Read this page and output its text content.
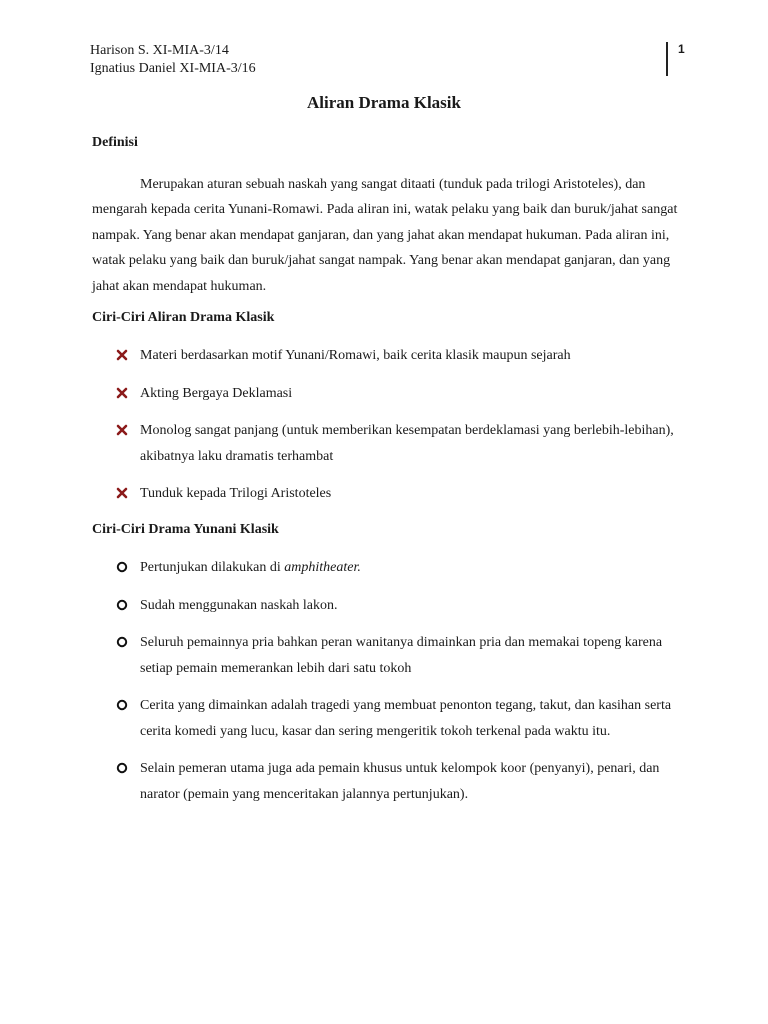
Harison S. XI-MIA-3/14
Ignatius Daniel XI-MIA-3/16
1
Aliran Drama Klasik
Definisi
Merupakan aturan sebuah naskah yang sangat ditaati (tunduk pada trilogi Aristoteles), dan mengarah kepada cerita Yunani-Romawi. Pada aliran ini, watak pelaku yang baik dan buruk/jahat sangat nampak. Yang benar akan mendapat ganjaran, dan yang jahat akan mendapat hukuman. Pada aliran ini, watak pelaku yang baik dan buruk/jahat sangat nampak. Yang benar akan mendapat ganjaran, dan yang jahat akan mendapat hukuman.
Ciri-Ciri Aliran Drama Klasik
Materi berdasarkan motif Yunani/Romawi, baik cerita klasik maupun sejarah
Akting Bergaya Deklamasi
Monolog sangat panjang (untuk memberikan kesempatan berdeklamasi yang berlebih-lebihan), akibatnya laku dramatis terhambat
Tunduk kepada Trilogi Aristoteles
Ciri-Ciri Drama Yunani Klasik
Pertunjukan dilakukan di amphitheater.
Sudah menggunakan naskah lakon.
Seluruh pemainnya pria bahkan peran wanitanya dimainkan pria dan memakai topeng karena setiap pemain memerankan lebih dari satu tokoh
Cerita yang dimainkan adalah tragedi yang membuat penonton tegang, takut, dan kasihan serta cerita komedi yang lucu, kasar dan sering mengeritik tokoh terkenal pada waktu itu.
Selain pemeran utama juga ada pemain khusus untuk kelompok koor (penyanyi), penari, dan narator (pemain yang menceritakan jalannya pertunjukan).
